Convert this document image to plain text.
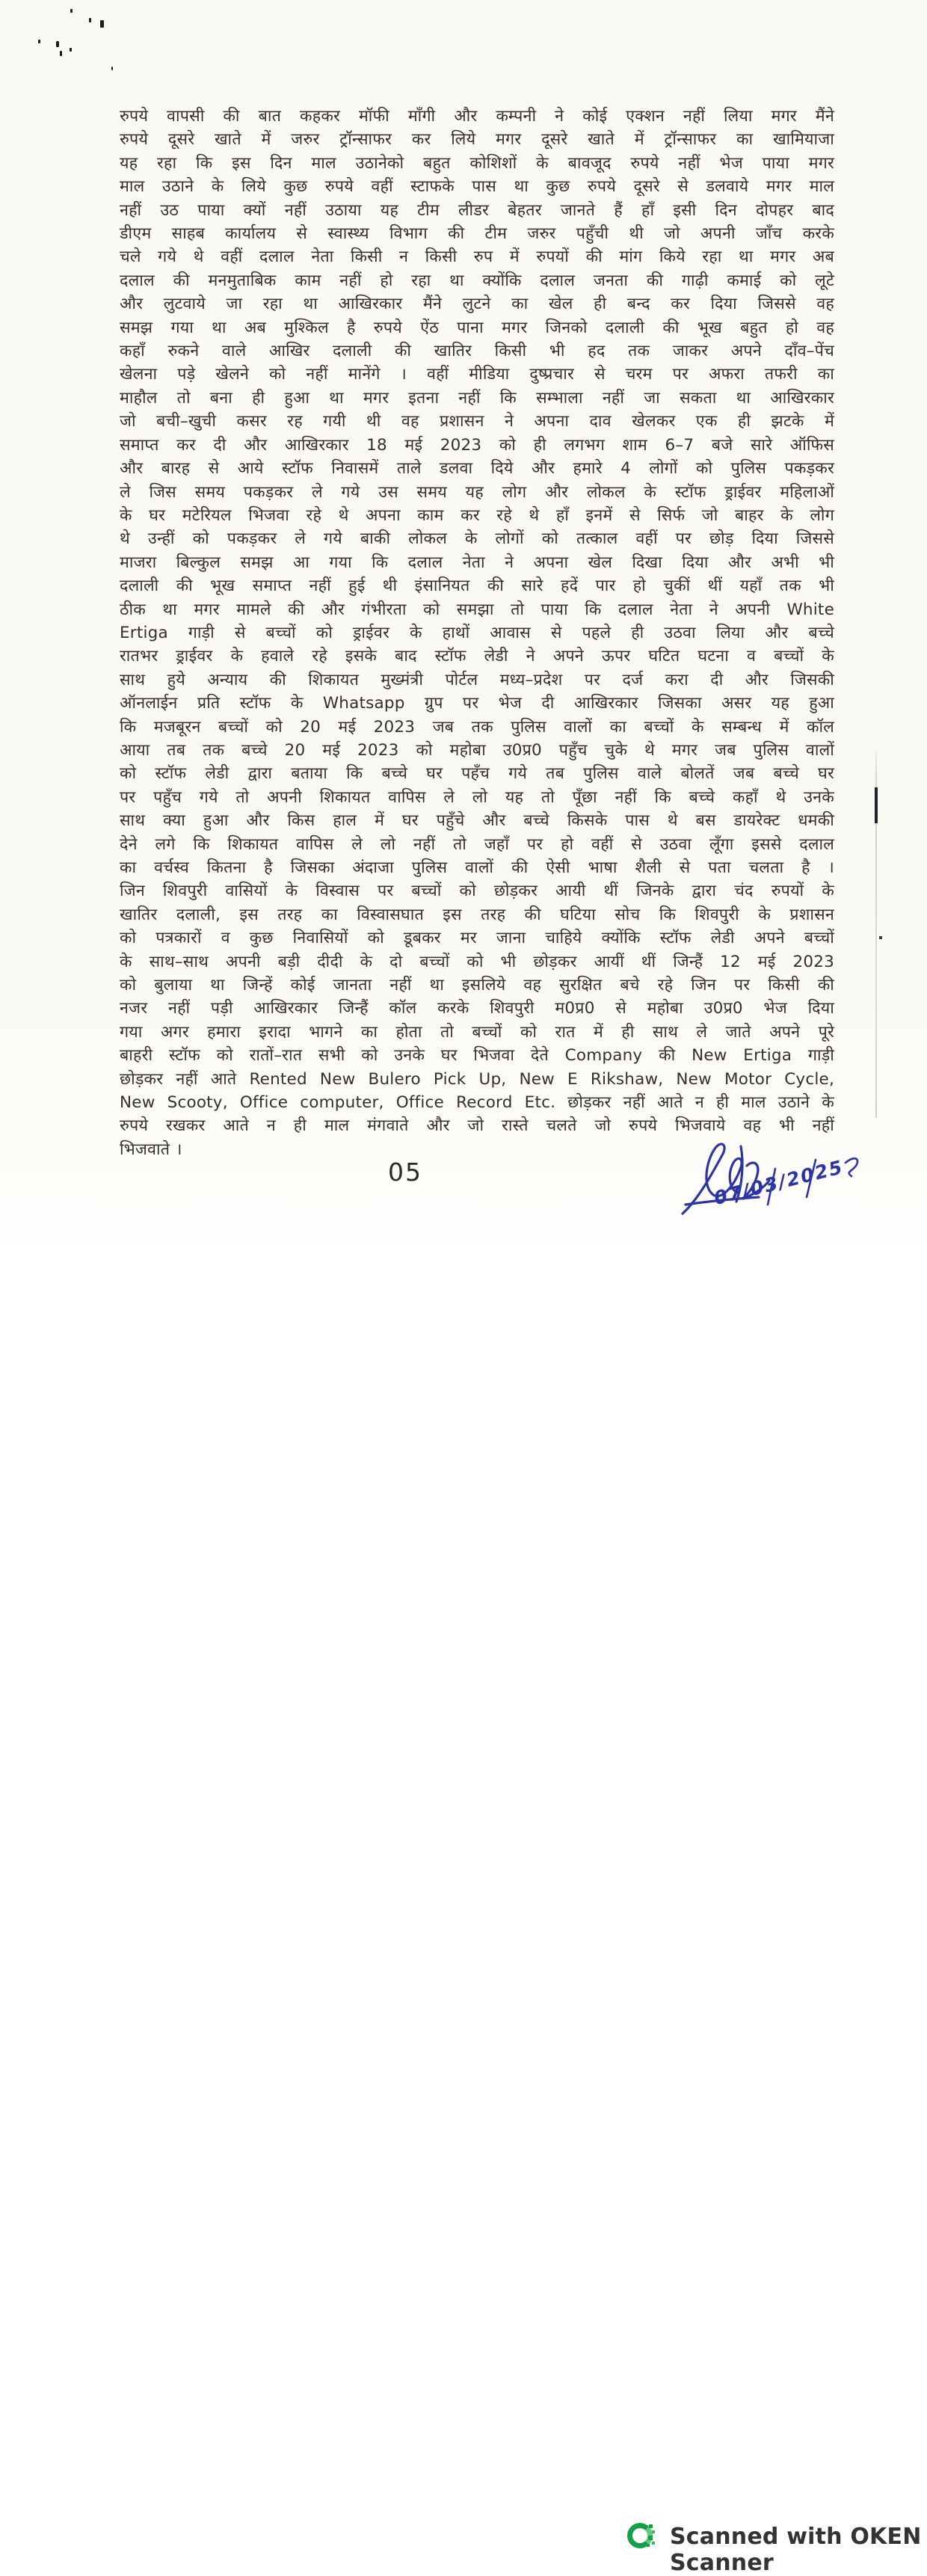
रुपये वापसी की बात कहकर मॉफी माँगी और कम्पनी ने कोई एक्शन नहीं लिया मगर मैंने
रुपये दूसरे खाते में जरुर ट्रॉन्साफर कर लिये मगर दूसरे खाते में ट्रॉन्साफर का खामियाजा
यह रहा कि इस दिन माल उठानेको बहुत कोशिशों के बावजूद रुपये नहीं भेज पाया मगर
माल उठाने के लिये कुछ रुपये वहीं स्टाफके पास था कुछ रुपये दूसरे से डलवाये मगर माल
नहीं उठ पाया क्यों नहीं उठाया यह टीम लीडर बेहतर जानते हैं हाँ इसी दिन दोपहर बाद
डीएम साहब कार्यालय से स्वास्थ्य विभाग की टीम जरुर पहुँची थी जो अपनी जाँच करके
चले गये थे वहीं दलाल नेता किसी न किसी रुप में रुपयों की मांग किये रहा था मगर अब
दलाल की मनमुताबिक काम नहीं हो रहा था क्योंकि दलाल जनता की गाढ़ी कमाई को लूटे
और लुटवाये जा रहा था आखिरकार मैंने लुटने का खेल ही बन्द कर दिया जिससे वह
समझ गया था अब मुश्किल है रुपये ऐंठ पाना मगर जिनको दलाली की भूख बहुत हो वह
कहाँ रुकने वाले आखिर दलाली की खातिर किसी भी हद तक जाकर अपने दाँव–पेंच
खेलना पड़े खेलने को नहीं मानेंगे । वहीं मीडिया दुष्प्रचार से चरम पर अफरा तफरी का
माहौल तो बना ही हुआ था मगर इतना नहीं कि सम्भाला नहीं जा सकता था आखिरकार
जो बची–खुची कसर रह गयी थी वह प्रशासन ने अपना दाव खेलकर एक ही झटके में
समाप्त कर दी और आखिरकार 18 मई 2023 को ही लगभग शाम 6–7 बजे सारे ऑफिस
और बारह से आये स्टॉफ निवासमें ताले डलवा दिये और हमारे 4 लोगों को पुलिस पकड़कर
ले जिस समय पकड़कर ले गये उस समय यह लोग और लोकल के स्टॉफ ड्राईवर महिलाओं
के घर मटेरियल भिजवा रहे थे अपना काम कर रहे थे हाँ इनमें से सिर्फ जो बाहर के लोग
थे उन्हीं को पकड़कर ले गये बाकी लोकल के लोगों को तत्काल वहीं पर छोड़ दिया जिससे
माजरा बिल्कुल समझ आ गया कि दलाल नेता ने अपना खेल दिखा दिया और अभी भी
दलाली की भूख समाप्त नहीं हुई थी इंसानियत की सारे हदें पार हो चुकीं थीं यहाँ तक भी
ठीक था मगर मामले की और गंभीरता को समझा तो पाया कि दलाल नेता ने अपनी White
Ertiga गाड़ी से बच्चों को ड्राईवर के हाथों आवास से पहले ही उठवा लिया और बच्चे
रातभर ड्राईवर के हवाले रहे इसके बाद स्टॉफ लेडी ने अपने ऊपर घटित घटना व बच्चों के
साथ हुये अन्याय की शिकायत मुख्मंत्री पोर्टल मध्य–प्रदेश पर दर्ज करा दी और जिसकी
ऑनलाईन प्रति स्टॉफ के Whatsapp ग्रुप पर भेज दी आखिरकार जिसका असर यह हुआ
कि मजबूरन बच्चों को 20 मई 2023 जब तक पुलिस वालों का बच्चों के सम्बन्ध में कॉल
आया तब तक बच्चे 20 मई 2023 को महोबा उ0प्र0 पहुँच चुके थे मगर जब पुलिस वालों
को स्टॉफ लेडी द्वारा बताया कि बच्चे घर पहँच गये तब पुलिस वाले बोलतें जब बच्चे घर
पर पहुँच गये तो अपनी शिकायत वापिस ले लो यह तो पूँछा नहीं कि बच्चे कहाँ थे उनके
साथ क्या हुआ और किस हाल में घर पहुँचे और बच्चे किसके पास थे बस डायरेक्ट धमकी
देने लगे कि शिकायत वापिस ले लो नहीं तो जहाँ पर हो वहीं से उठवा लूँगा इससे दलाल
का वर्चस्व कितना है जिसका अंदाजा पुलिस वालों की ऐसी भाषा शैली से पता चलता है ।
जिन शिवपुरी वासियों के विस्वास पर बच्चों को छोड़कर आयी थीं जिनके द्वारा चंद रुपयों के
खातिर दलाली, इस तरह का विस्वासघात इस तरह की घटिया सोच कि शिवपुरी के प्रशासन
को पत्रकारों व कुछ निवासियों को डूबकर मर जाना चाहिये क्योंकि स्टॉफ लेडी अपने बच्चों
के साथ–साथ अपनी बड़ी दीदी के दो बच्चों को भी छोड़कर आयीं थीं जिन्हैं 12 मई 2023
को बुलाया था जिन्हें कोई जानता नहीं था इसलिये वह सुरक्षित बचे रहे जिन पर किसी की
नजर नहीं पड़ी आखिरकार जिन्हैं कॉल करके शिवपुरी म0प्र0 से महोबा उ0प्र0 भेज दिया
गया अगर हमारा इरादा भागने का होता तो बच्चों को रात में ही साथ ले जाते अपने पूरे
बाहरी स्टॉफ को रातों–रात सभी को उनके घर भिजवा देते Company की New Ertiga गाड़ी
छोड़कर नहीं आते Rented New Bulero Pick Up, New E Rikshaw, New Motor Cycle,
New Scooty, Office computer, Office Record Etc. छोड़कर नहीं आते न ही माल उठाने के
रुपये रखकर आते न ही माल मंगवाते और जो रास्ते चलते जो रुपये भिजवाये वह भी नहीं
भिजवाते ।
05	07/03/2025
Scanned with OKEN Scanner
